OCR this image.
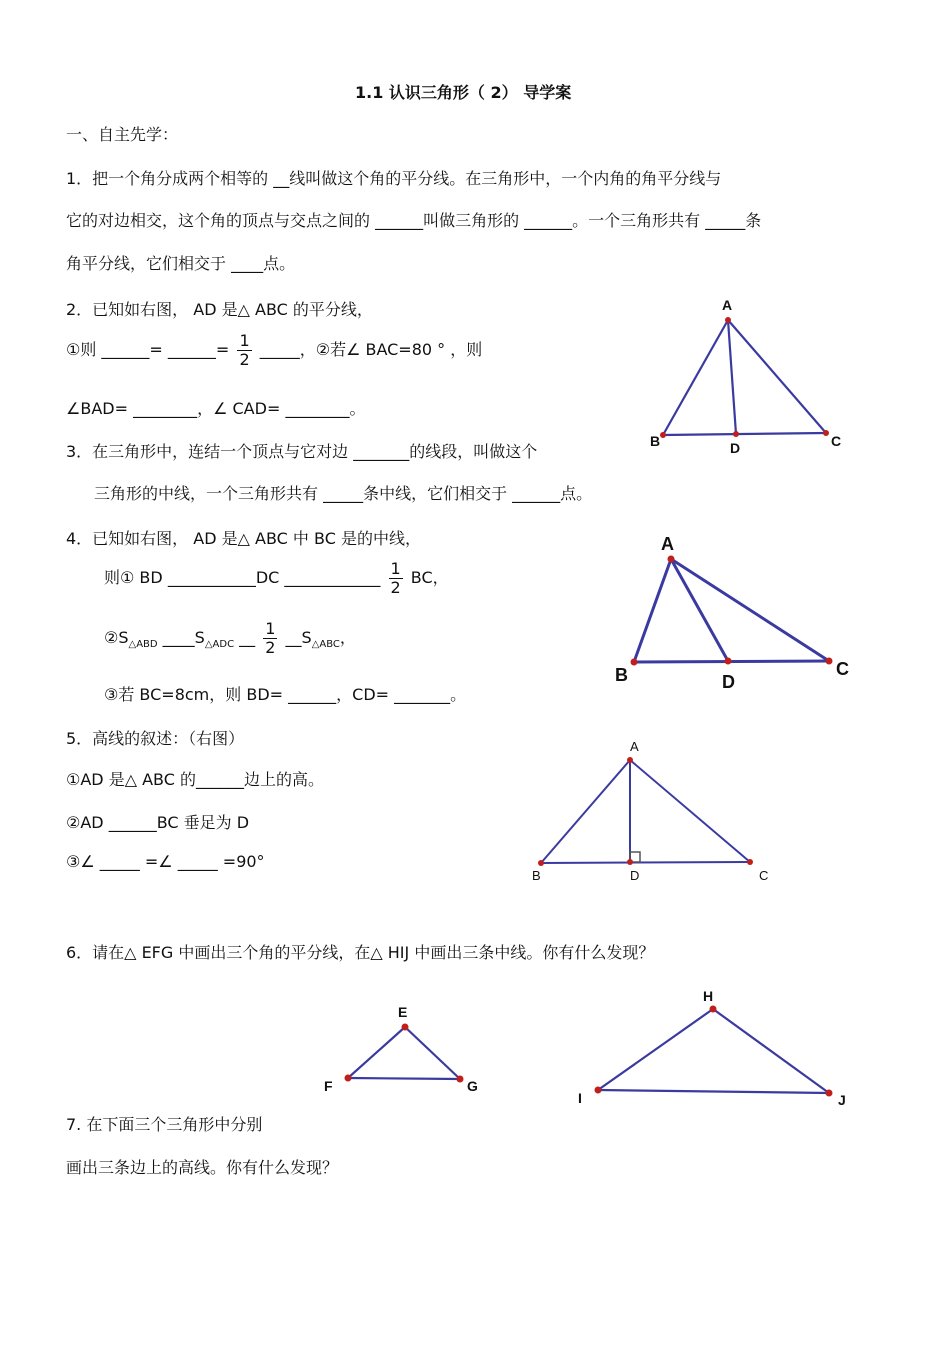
1.1 认识三角形（ 2） 导学案
一、自主先学：
1．把一个角分成两个相等的 __线叫做这个角的平分线。在三角形中，一个内角的角平分线与
它的对边相交，这个角的顶点与交点之间的 ______叫做三角形的 ______。一个三角形共有 _____条
角平分线，它们相交于 ____点。
2．已知如右图， AD 是△ ABC 的平分线，
①则 ______= ______= $\frac{1}{2}$ _____，②若∠ BAC=80 ° ，则
∠BAD= ________，∠ CAD= ________。
3．在三角形中，连结一个顶点与它对边 _______的线段，叫做这个
三角形的中线，一个三角形共有 _____条中线，它们相交于 ______点。
4．已知如右图， AD 是△ ABC 中 BC 是的中线，
则① BD ___________DC ____________ $\frac{1}{2}$ BC，
$②S_{\triangle ABD}$ $\_\_\_\_S_{\triangle ADC}$ __ $\frac{1}{2}$ $\_\_S_{\triangle ABC}$，
③若 BC=8cm，则 BD= ______，CD= _______。
5．高线的叙述：（右图）
①AD 是△ ABC 的______边上的高。
②AD ______BC 垂足为 D
③∠ _____ =∠ _____ =90°
6．请在△ EFG 中画出三个角的平分线，在△ HIJ 中画出三条中线。你有什么发现？
7. 在下面三个三角形中分别
画出三条边上的高线。你有什么发现？
A
B	C
D
A
B	C
D
A
B	C
D
E
F	G
H
I	J
